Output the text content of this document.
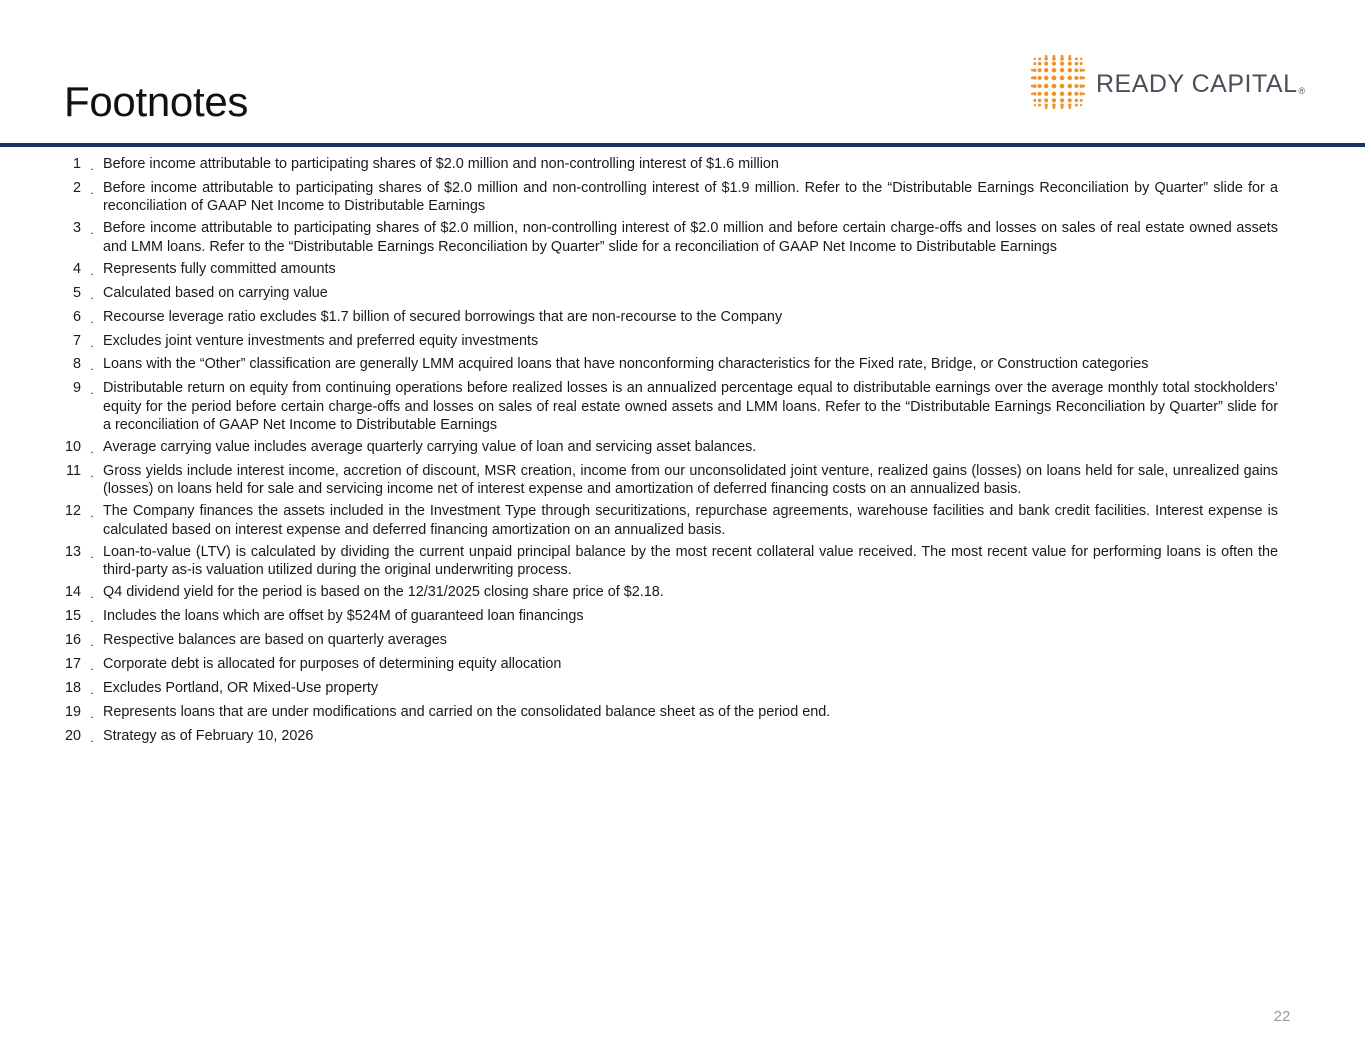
Footnotes	READY CAPITAL ®
1 . Before income attributable to participating shares of $2.0 million and non-controlling interest of $1.6 million
2 . Before income attributable to participating shares of $2.0 million and non-controlling interest of $1.9 million. Refer to the “Distributable Earnings Reconciliation by Quarter” slide for a reconciliation of GAAP Net Income to Distributable Earnings
3 . Before income attributable to participating shares of $2.0 million, non-controlling interest of $2.0 million and before certain charge-offs and losses on sales of real estate owned assets and LMM loans. Refer to the “Distributable Earnings Reconciliation by Quarter” slide for a reconciliation of GAAP Net Income to Distributable Earnings
4 . Represents fully committed amounts
5 . Calculated based on carrying value
6 . Recourse leverage ratio excludes $1.7 billion of secured borrowings that are non-recourse to the Company
7 . Excludes joint venture investments and preferred equity investments
8 . Loans with the “Other” classification are generally LMM acquired loans that have nonconforming characteristics for the Fixed rate, Bridge, or Construction categories
9 . Distributable return on equity from continuing operations before realized losses is an annualized percentage equal to distributable earnings over the average monthly total stockholders’ equity for the period before certain charge-offs and losses on sales of real estate owned assets and LMM loans. Refer to the “Distributable Earnings Reconciliation by Quarter” slide for a reconciliation of GAAP Net Income to Distributable Earnings
10 . Average carrying value includes average quarterly carrying value of loan and servicing asset balances.
11 . Gross yields include interest income, accretion of discount, MSR creation, income from our unconsolidated joint venture, realized gains (losses) on loans held for sale, unrealized gains (losses) on loans held for sale and servicing income net of interest expense and amortization of deferred financing costs on an annualized basis.
12 . The Company finances the assets included in the Investment Type through securitizations, repurchase agreements, warehouse facilities and bank credit facilities. Interest expense is calculated based on interest expense and deferred financing amortization on an annualized basis.
13 . Loan-to-value (LTV) is calculated by dividing the current unpaid principal balance by the most recent collateral value received. The most recent value for performing loans is often the third-party as-is valuation utilized during the original underwriting process.
14 . Q4 dividend yield for the period is based on the 12/31/2025 closing share price of $2.18.
15 . Includes the loans which are offset by $524M of guaranteed loan financings
16 . Respective balances are based on quarterly averages
17 . Corporate debt is allocated for purposes of determining equity allocation
18 . Excludes Portland, OR Mixed-Use property
19 . Represents loans that are under modifications and carried on the consolidated balance sheet as of the period end.
20 . Strategy as of February 10, 2026
22
